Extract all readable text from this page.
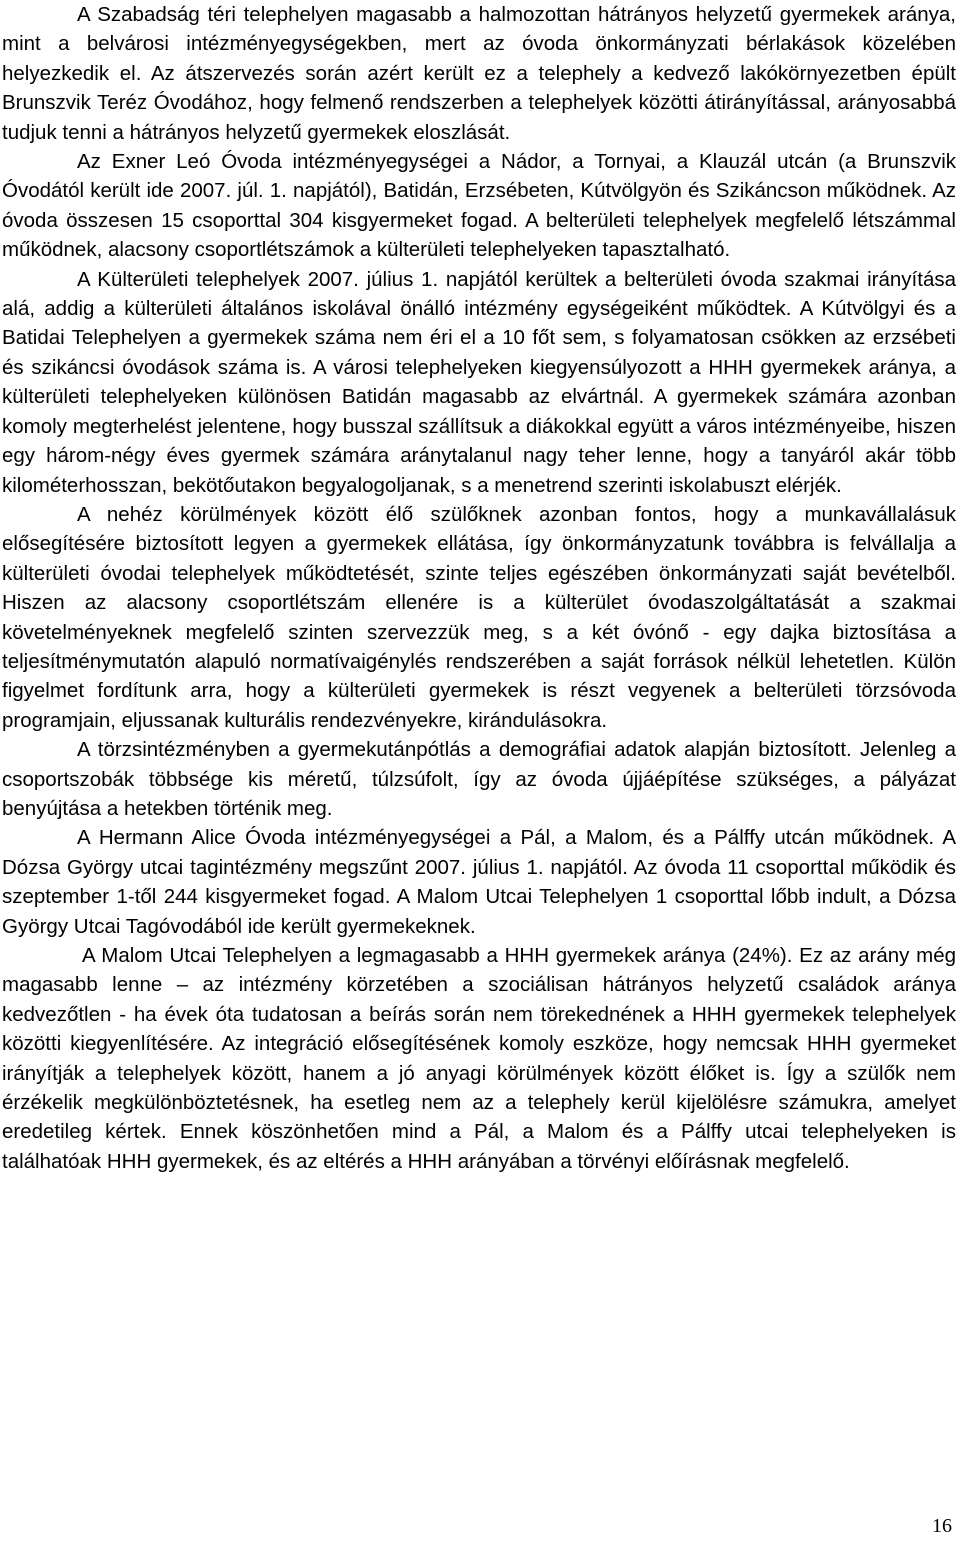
A Szabadság téri telephelyen magasabb a halmozottan hátrányos helyzetű gyermekek aránya, mint a belvárosi intézményegységekben, mert az óvoda önkormányzati bérlakások közelében helyezkedik el. Az átszervezés során azért került ez a telephely a kedvező lakókörnyezetben épült Brunszvik Teréz Óvodához, hogy felmenő rendszerben a telephelyek közötti átirányítással, arányosabbá tudjuk tenni a hátrányos helyzetű gyermekek eloszlását.

Az Exner Leó Óvoda intézményegységei a Nádor, a Tornyai, a Klauzál utcán (a Brunszvik Óvodától került ide 2007. júl. 1. napjától), Batidán, Erzsébeten, Kútvölgyön és Szikáncson működnek. Az óvoda összesen 15 csoporttal 304 kisgyermeket fogad. A belterületi telephelyek megfelelő létszámmal működnek, alacsony csoportlétszámok a külterületi telephelyeken tapasztalható.

A Külterületi telephelyek 2007. július 1. napjától kerültek a belterületi óvoda szakmai irányítása alá, addig a külterületi általános iskolával önálló intézmény egységeiként működtek. A Kútvölgyi és a Batidai Telephelyen a gyermekek száma nem éri el a 10 főt sem, s folyamatosan csökken az erzsébeti és szikáncsi óvodások száma is. A városi telephelyeken kiegyensúlyozott a HHH gyermekek aránya, a külterületi telephelyeken különösen Batidán magasabb az elvártnál. A gyermekek számára azonban komoly megterhelést jelentene, hogy busszal szállítsuk a diákokkal együtt a város intézményeibe, hiszen egy három-négy éves gyermek számára aránytalanul nagy teher lenne, hogy a tanyáról akár több kilométerhosszan, bekötőutakon begyalogoljanak, s a menetrend szerinti iskolabuszt elérjék.

A nehéz körülmények között élő szülőknek azonban fontos, hogy a munkavállalásuk elősegítésére biztosított legyen a gyermekek ellátása, így önkormányzatunk továbbra is felvállalja a külterületi óvodai telephelyek működtetését, szinte teljes egészében önkormányzati saját bevételből. Hiszen az alacsony csoportlétszám ellenére is a külterület óvodaszolgáltatását a szakmai követelményeknek megfelelő szinten szervezzük meg, s a két óvónő - egy dajka biztosítása a teljesítménymutatón alapuló normatívaigénylés rendszerében a saját források nélkül lehetetlen. Külön figyelmet fordítunk arra, hogy a külterületi gyermekek is részt vegyenek a belterületi törzsóvoda programjain, eljussanak kulturális rendezvényekre, kirándulásokra.

A törzsintézményben a gyermekutánpótlás a demográfiai adatok alapján biztosított. Jelenleg a csoportszobák többsége kis méretű, túlzsúfolt, így az óvoda újjáépítése szükséges, a pályázat benyújtása a hetekben történik meg.

A Hermann Alice Óvoda intézményegységei a Pál, a Malom, és a Pálffy utcán működnek. A Dózsa György utcai tagintézmény megszűnt 2007. július 1. napjától. Az óvoda 11 csoporttal működik és szeptember 1-től 244 kisgyermeket fogad. A Malom Utcai Telephelyen 1 csoporttal lőbb indult, a Dózsa György Utcai Tagóvodából ide került gyermekeknek.

A Malom Utcai Telephelyen a legmagasabb a HHH gyermekek aránya (24%). Ez az arány még magasabb lenne – az intézmény körzetében a szociálisan hátrányos helyzetű családok aránya kedvezőtlen - ha évek óta tudatosan a beírás során nem törekednének a HHH gyermekek telephelyek közötti kiegyenlítésére. Az integráció elősegítésének komoly eszköze, hogy nemcsak HHH gyermeket irányítják a telephelyek között, hanem a jó anyagi körülmények között élőket is. Így a szülők nem érzékelik megkülönböztetésnek, ha esetleg nem az a telephely kerül kijelölésre számukra, amelyet eredetileg kértek. Ennek köszönhetően mind a Pál, a Malom és a Pálffy utcai telephelyeken is találhatóak HHH gyermekek, és az eltérés a HHH arányában a törvényi előírásnak megfelelő.

16
